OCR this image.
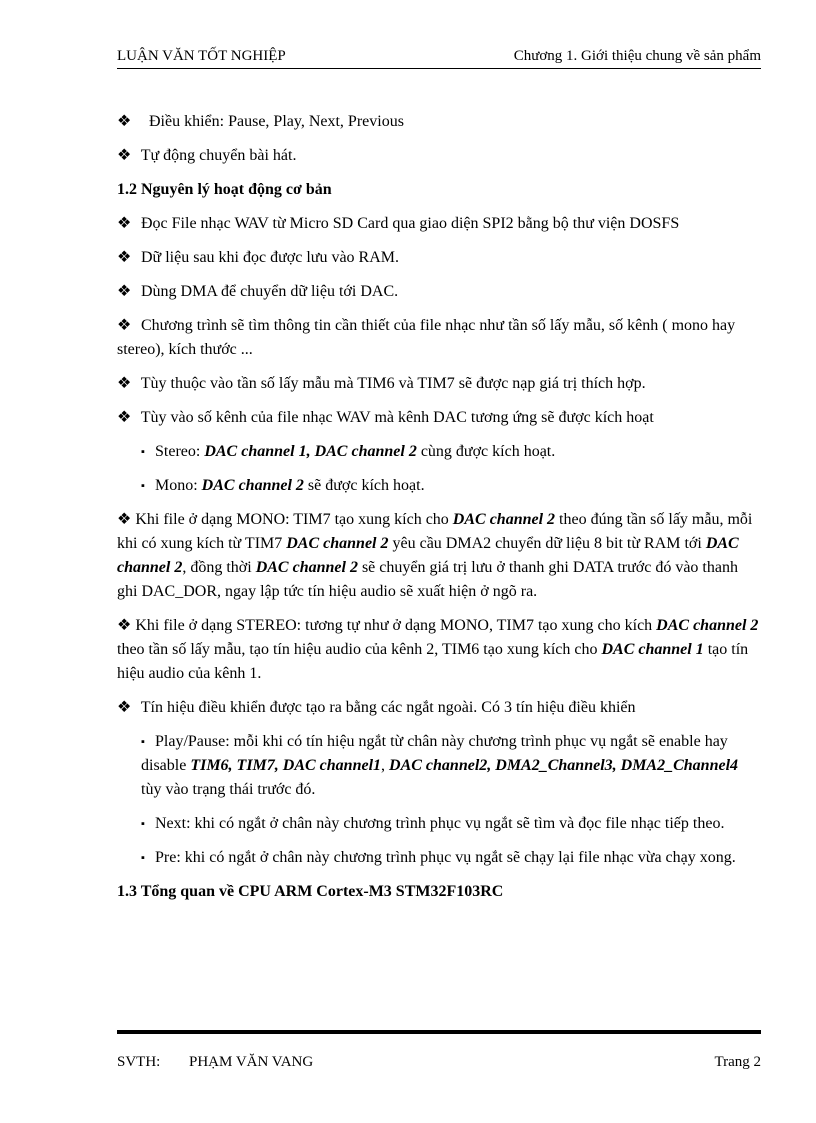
LUẬN VĂN TỐT NGHIỆP	Chương 1. Giới thiệu chung về sản phẩm

❖ Điều khiển: Pause, Play, Next, Previous

❖ Tự động chuyển bài hát.

1.2 Nguyên lý hoạt động cơ bản

❖ Đọc File nhạc WAV từ Micro SD Card qua giao diện SPI2 bằng bộ thư viện DOSFS

❖ Dữ liệu sau khi đọc được lưu vào RAM.

❖ Dùng DMA để chuyển dữ liệu tới DAC.

❖ Chương trình sẽ tìm thông tin cần thiết của file nhạc như tần số lấy mẫu, số kênh ( mono hay stereo), kích thước ...

❖ Tùy thuộc vào tần số lấy mẫu mà TIM6 và TIM7 sẽ được nạp giá trị thích hợp.

❖ Tùy vào số kênh của file nhạc WAV mà kênh DAC tương ứng sẽ được kích hoạt

▪ Stereo: DAC channel 1, DAC channel 2 cùng được kích hoạt.

▪ Mono: DAC channel 2 sẽ được kích hoạt.

❖ Khi file ở dạng MONO: TIM7 tạo xung kích cho DAC channel 2 theo đúng tần số lấy mẫu, mỗi khi có xung kích từ TIM7 DAC channel 2 yêu cầu DMA2 chuyển dữ liệu 8 bit từ RAM tới DAC channel 2, đồng thời DAC channel 2 sẽ chuyển giá trị lưu ở thanh ghi DATA trước đó vào thanh ghi DAC_DOR, ngay lập tức tín hiệu audio sẽ xuất hiện ở ngõ ra.

❖ Khi file ở dạng STEREO: tương tự như ở dạng MONO, TIM7 tạo xung cho kích DAC channel 2 theo tần số lấy mẫu, tạo tín hiệu audio của kênh 2, TIM6 tạo xung kích cho DAC channel 1 tạo tín hiệu audio của kênh 1.

❖ Tín hiệu điều khiển được tạo ra bằng các ngắt ngoài. Có 3 tín hiệu điều khiển

▪ Play/Pause: mỗi khi có tín hiệu ngắt từ chân này chương trình phục vụ ngắt sẽ enable hay disable TIM6, TIM7, DAC channel1, DAC channel2, DMA2_Channel3, DMA2_Channel4 tùy vào trạng thái trước đó.

▪ Next: khi có ngắt ở chân này chương trình phục vụ ngắt sẽ tìm và đọc file nhạc tiếp theo.

▪ Pre: khi có ngắt ở chân này chương trình phục vụ ngắt sẽ chạy lại file nhạc vừa chạy xong.

1.3 Tổng quan về CPU ARM Cortex-M3 STM32F103RC
SVTH: PHẠM VĂN VANG	Trang 2
